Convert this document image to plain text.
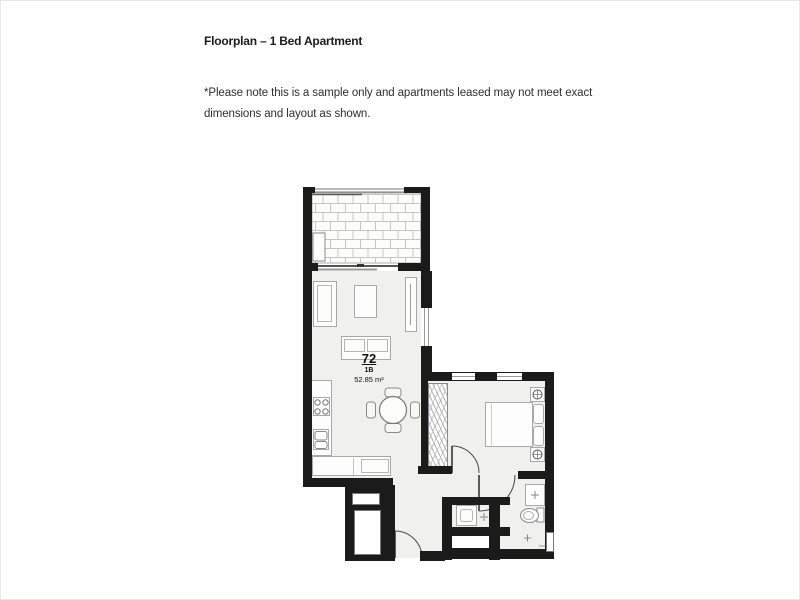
Floorplan – 1 Bed Apartment
*Please note this is a sample only and apartments leased may not meet exact
dimensions and layout as shown.
72
1B
52.85 m²
